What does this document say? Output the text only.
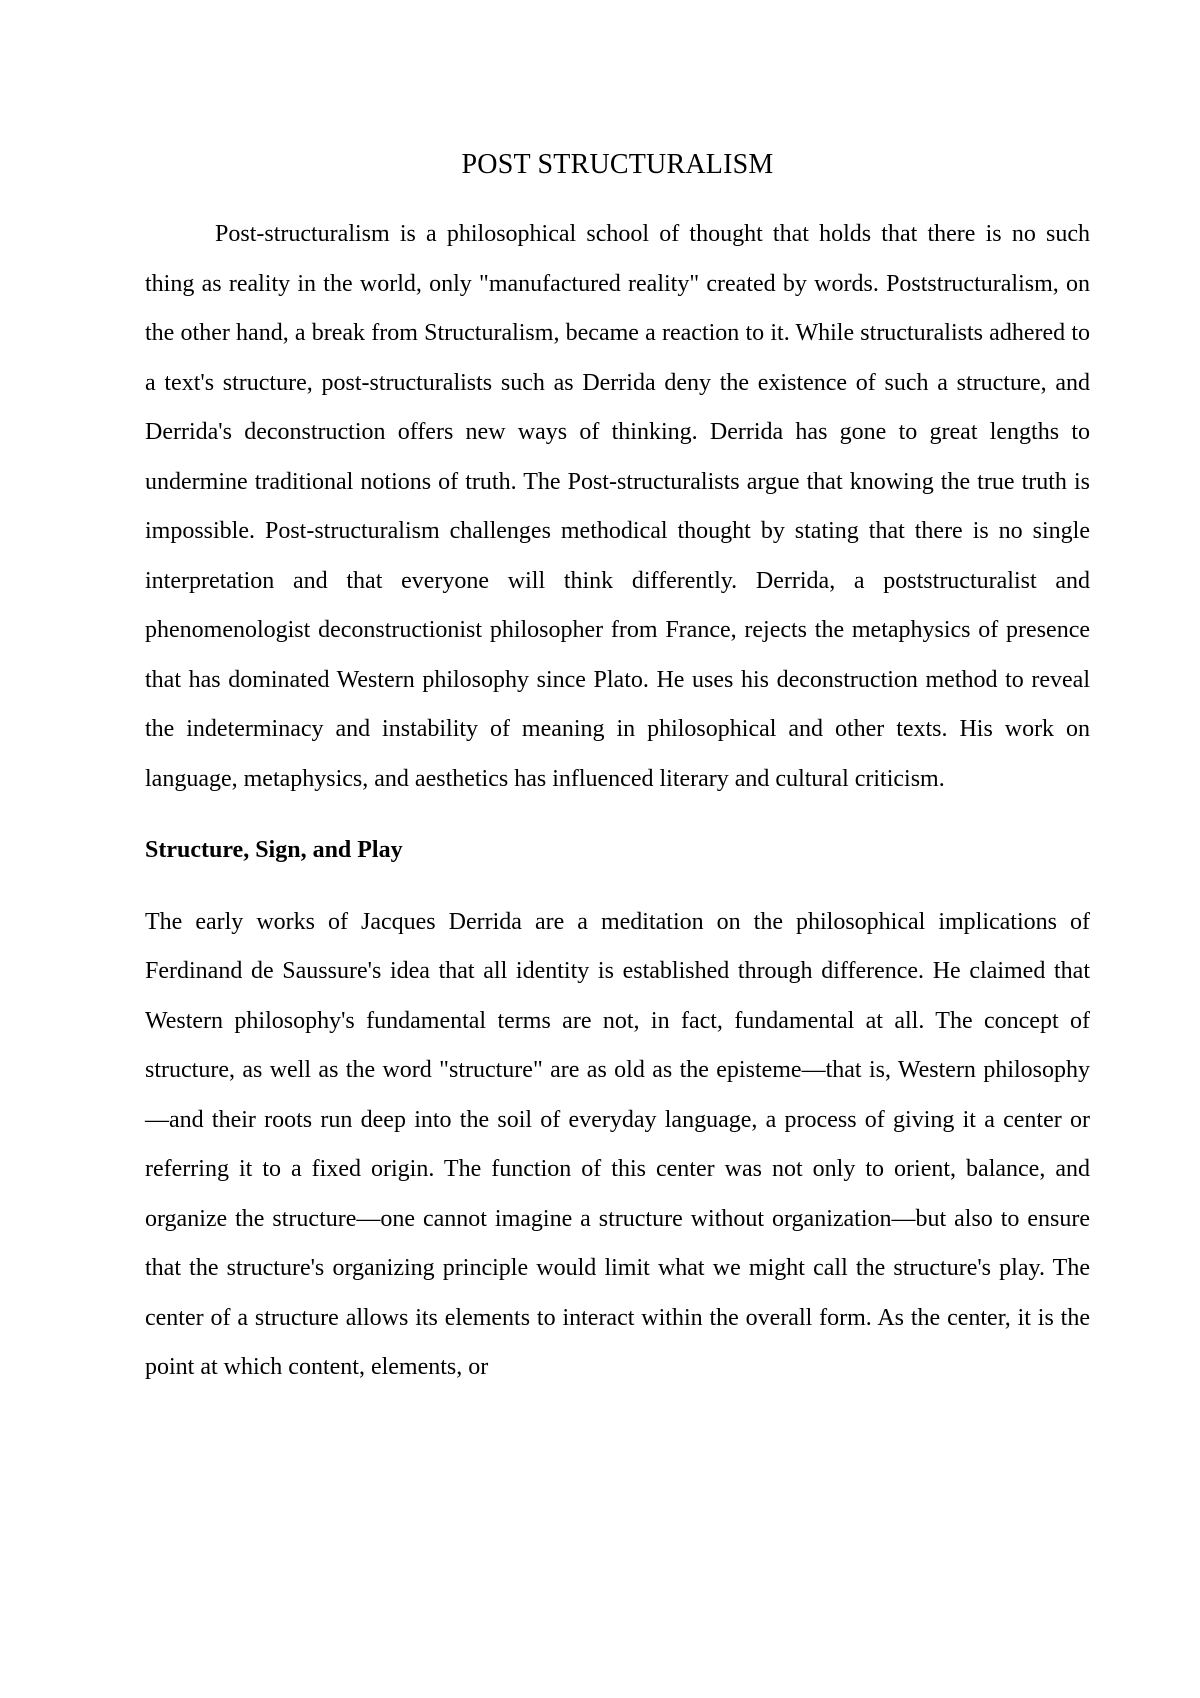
POST STRUCTURALISM

Post-structuralism is a philosophical school of thought that holds that there is no such thing as reality in the world, only "manufactured reality" created by words. Poststructuralism, on the other hand, a break from Structuralism, became a reaction to it. While structuralists adhered to a text's structure, post-structuralists such as Derrida deny the existence of such a structure, and Derrida's deconstruction offers new ways of thinking. Derrida has gone to great lengths to undermine traditional notions of truth. The Post-structuralists argue that knowing the true truth is impossible. Post-structuralism challenges methodical thought by stating that there is no single interpretation and that everyone will think differently. Derrida, a poststructuralist and phenomenologist deconstructionist philosopher from France, rejects the metaphysics of presence that has dominated Western philosophy since Plato. He uses his deconstruction method to reveal the indeterminacy and instability of meaning in philosophical and other texts. His work on language, metaphysics, and aesthetics has influenced literary and cultural criticism.

Structure, Sign, and Play

The early works of Jacques Derrida are a meditation on the philosophical implications of Ferdinand de Saussure's idea that all identity is established through difference. He claimed that Western philosophy's fundamental terms are not, in fact, fundamental at all. The concept of structure, as well as the word "structure" are as old as the episteme—that is, Western philosophy—and their roots run deep into the soil of everyday language, a process of giving it a center or referring it to a fixed origin. The function of this center was not only to orient, balance, and organize the structure—one cannot imagine a structure without organization—but also to ensure that the structure's organizing principle would limit what we might call the structure's play. The center of a structure allows its elements to interact within the overall form. As the center, it is the point at which content, elements, or
